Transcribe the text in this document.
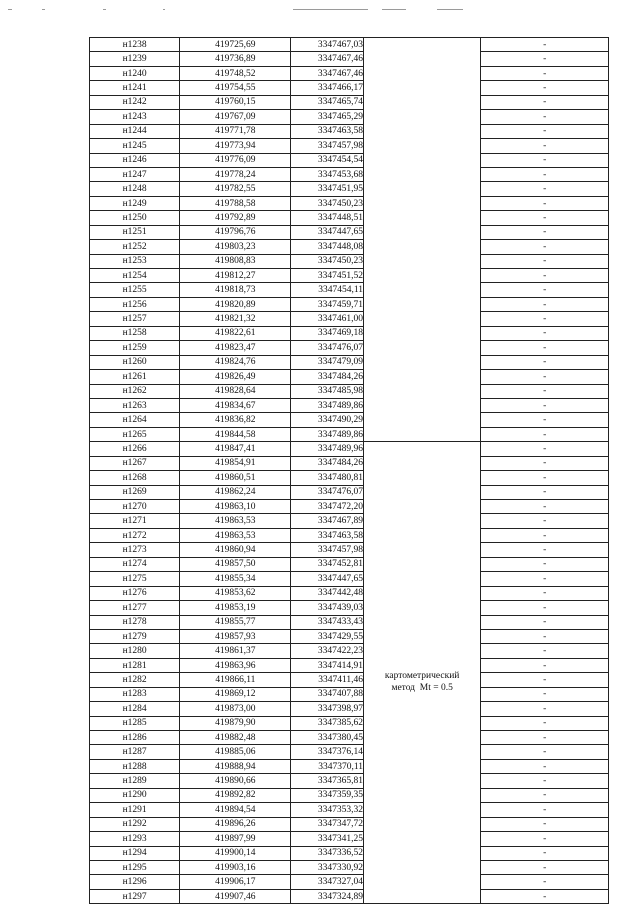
н1238	419725,69	3347467,03		-
н1239	419736,89	3347467,46		-
н1240	419748,52	3347467,46		-
н1241	419754,55	3347466,17		-
н1242	419760,15	3347465,74		-
н1243	419767,09	3347465,29		-
н1244	419771,78	3347463,58		-
н1245	419773,94	3347457,98		-
н1246	419776,09	3347454,54		-
н1247	419778,24	3347453,68		-
н1248	419782,55	3347451,95		-
н1249	419788,58	3347450,23		-
н1250	419792,89	3347448,51		-
н1251	419796,76	3347447,65		-
н1252	419803,23	3347448,08		-
н1253	419808,83	3347450,23		-
н1254	419812,27	3347451,52		-
н1255	419818,73	3347454,11		-
н1256	419820,89	3347459,71		-
н1257	419821,32	3347461,00		-
н1258	419822,61	3347469,18		-
н1259	419823,47	3347476,07		-
н1260	419824,76	3347479,09		-
н1261	419826,49	3347484,26		-
н1262	419828,64	3347485,98		-
н1263	419834,67	3347489,86		-
н1264	419836,82	3347490,29		-
н1265	419844,58	3347489,86		-
н1266	419847,41	3347489,96	картометрический
метод  Mt = 0.5	-
н1267	419854,91	3347484,26		-
н1268	419860,51	3347480,81		-
н1269	419862,24	3347476,07		-
н1270	419863,10	3347472,20		-
н1271	419863,53	3347467,89		-
н1272	419863,53	3347463,58		-
н1273	419860,94	3347457,98		-
н1274	419857,50	3347452,81		-
н1275	419855,34	3347447,65		-
н1276	419853,62	3347442,48		-
н1277	419853,19	3347439,03		-
н1278	419855,77	3347433,43		-
н1279	419857,93	3347429,55		-
н1280	419861,37	3347422,23		-
н1281	419863,96	3347414,91		-
н1282	419866,11	3347411,46		-
н1283	419869,12	3347407,88		-
н1284	419873,00	3347398,97		-
н1285	419879,90	3347385,62		-
н1286	419882,48	3347380,45		-
н1287	419885,06	3347376,14		-
н1288	419888,94	3347370,11		-
н1289	419890,66	3347365,81		-
н1290	419892,82	3347359,35		-
н1291	419894,54	3347353,32		-
н1292	419896,26	3347347,72		-
н1293	419897,99	3347341,25		-
н1294	419900,14	3347336,52		-
н1295	419903,16	3347330,92		-
н1296	419906,17	3347327,04		-
н1297	419907,46	3347324,89		-
